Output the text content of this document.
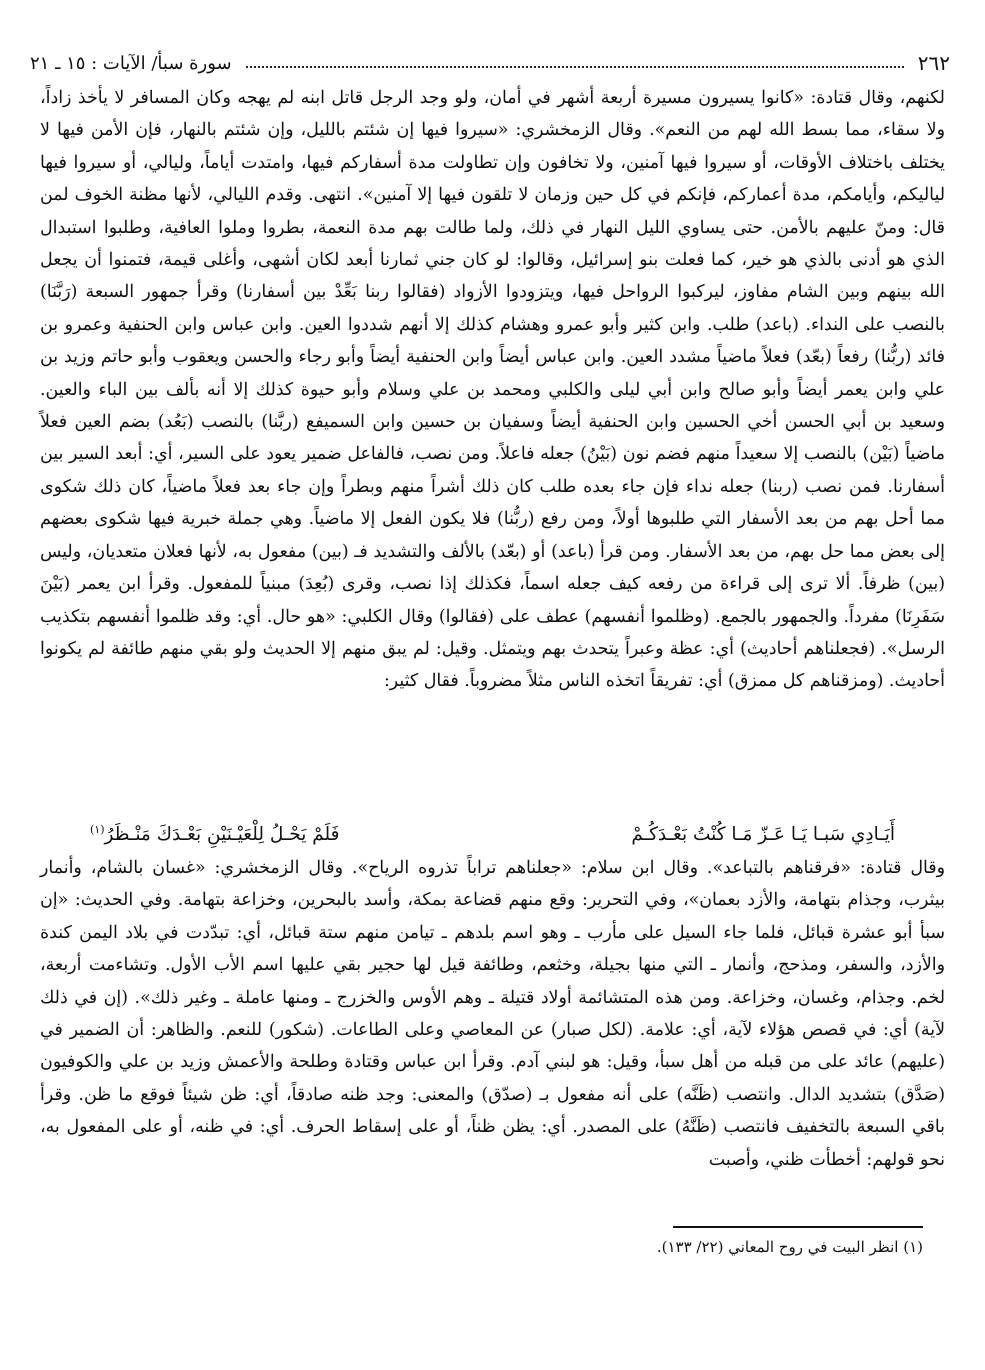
٢٦٢
سورة سبأ/ الآيات : ١٥ ـ ٢١

لكنهم، وقال قتادة: «كانوا يسيرون مسيرة أربعة أشهر في أمان، ولو وجد الرجل قاتل ابنه لم يهجه وكان المسافر لا يأخذ زاداً، ولا سقاء، مما بسط الله لهم من النعم». وقال الزمخشري: «سيروا فيها إن شئتم بالليل، وإن شئتم بالنهار، فإن الأمن فيها لا يختلف باختلاف الأوقات، أو سيروا فيها آمنين، ولا تخافون وإن تطاولت مدة أسفاركم فيها، وامتدت أياماً، وليالي، أو سيروا فيها لياليكم، وأيامكم، مدة أعماركم، فإنكم في كل حين وزمان لا تلقون فيها إلا آمنين». انتهى. وقدم الليالي، لأنها مظنة الخوف لمن قال: ومنّ عليهم بالأمن. حتى يساوي الليل النهار في ذلك، ولما طالت بهم مدة النعمة، بطروا وملوا العافية، وطلبوا استبدال الذي هو أدنى بالذي هو خير، كما فعلت بنو إسرائيل، وقالوا: لو كان جني ثمارنا أبعد لكان أشهى، وأغلى قيمة، فتمنوا أن يجعل الله بينهم وبين الشام مفاوز، ليركبوا الرواحل فيها، ويتزودوا الأزواد (فقالوا ربنا بَعِّدْ بين أسفارنا) وقرأ جمهور السبعة (رَبَّنَا) بالنصب على النداء. (باعد) طلب. وابن كثير وأبو عمرو وهشام كذلك إلا أنهم شددوا العين. وابن عباس وابن الحنفية وعمرو بن فائد (ربُّنا) رفعاً (بعّد) فعلاً ماضياً مشدد العين. وابن عباس أيضاً وابن الحنفية أيضاً وأبو رجاء والحسن ويعقوب وأبو حاتم وزيد بن علي وابن يعمر أيضاً وأبو صالح وابن أبي ليلى والكلبي ومحمد بن علي وسلام وأبو حيوة كذلك إلا أنه بألف بين الباء والعين. وسعيد بن أبي الحسن أخي الحسين وابن الحنفية أيضاً وسفيان بن حسين وابن السميفع (ربَّنا) بالنصب (بَعُد) بضم العين فعلاً ماضياً (بَيْن) بالنصب إلا سعيداً منهم فضم نون (بَيْنُ) جعله فاعلاً. ومن نصب، فالفاعل ضمير يعود على السير، أي: أبعد السير بين أسفارنا. فمن نصب (ربنا) جعله نداء فإن جاء بعده طلب كان ذلك أشراً منهم وبطراً وإن جاء بعد فعلاً ماضياً، كان ذلك شكوى مما أحل بهم من بعد الأسفار التي طلبوها أولاً، ومن رفع (ربُّنا) فلا يكون الفعل إلا ماضياً. وهي جملة خبرية فيها شكوى بعضهم إلى بعض مما حل بهم، من بعد الأسفار. ومن قرأ (باعد) أو (بعّد) بالألف والتشديد فـ (بين) مفعول به، لأنها فعلان متعديان، وليس (بين) ظرفاً. ألا ترى إلى قراءة من رفعه كيف جعله اسماً، فكذلك إذا نصب، وقرى (بُعِدَ) مبنياً للمفعول. وقرأ ابن يعمر (بَيْنَ سَفَرِنَا) مفرداً. والجمهور بالجمع. (وظلموا أنفسهم) عطف على (فقالوا) وقال الكلبي: «هو حال. أي: وقد ظلموا أنفسهم بتكذيب الرسل». (فجعلناهم أحاديث) أي: عظة وعبراً يتحدث بهم ويتمثل. وقيل: لم يبق منهم إلا الحديث ولو بقي منهم طائفة لم يكونوا أحاديث. (ومزقناهم كل ممزق) أي: تفريقاً اتخذه الناس مثلاً مضروباً. فقال كثير:

أَيَـادِي سَبـا يَـا عَـزّ مَـا كُنْتُ بَعْـدَكُـمْ
فَلَمْ يَحْـلُ لِلْعَيْـنَيْنِ بَعْـدَكَ مَنْـظَرُ$^{(١)}$

وقال قتادة: «فرقناهم بالتباعد». وقال ابن سلام: «جعلناهم تراباً تذروه الرياح». وقال الزمخشري: «غسان بالشام، وأنمار بيثرب، وجذام بتهامة، والأزد بعمان»، وفي التحرير: وقع منهم قضاعة بمكة، وأسد بالبحرين، وخزاعة بتهامة. وفي الحديث: «إن سبأ أبو عشرة قبائل، فلما جاء السيل على مأرب ـ وهو اسم بلدهم ـ تيامن منهم ستة قبائل، أي: تبدّدت في بلاد اليمن كندة والأزد، والسفر، ومذحج، وأنمار ـ التي منها بجيلة، وخثعم، وطائفة قيل لها حجير بقي عليها اسم الأب الأول. وتشاءمت أربعة، لخم. وجذام، وغسان، وخزاعة. ومن هذه المتشائمة أولاد قتيلة ـ وهم الأوس والخزرج ـ ومنها عاملة ـ وغير ذلك». (إن في ذلك لآية) أي: في قصص هؤلاء لآية، أي: علامة. (لكل صبار) عن المعاصي وعلى الطاعات. (شكور) للنعم. والظاهر: أن الضمير في (عليهم) عائد على من قبله من أهل سبأ، وقيل: هو لبني آدم. وقرأ ابن عباس وقتادة وطلحة والأعمش وزيد بن علي والكوفيون (صَدَّق) بتشديد الدال. وانتصب (ظَنَّه) على أنه مفعول بـ (صدّق) والمعنى: وجد ظنه صادقاً، أي: ظن شيئاً فوقع ما ظن. وقرأ باقي السبعة بالتخفيف فانتصب (ظَنَّهُ) على المصدر. أي: يظن ظناً، أو على إسقاط الحرف. أي: في ظنه، أو على المفعول به، نحو قولهم: أخطأت ظني، وأصبت

(١) انظر البيت في روح المعاني (٢٢/ ١٣٣).
